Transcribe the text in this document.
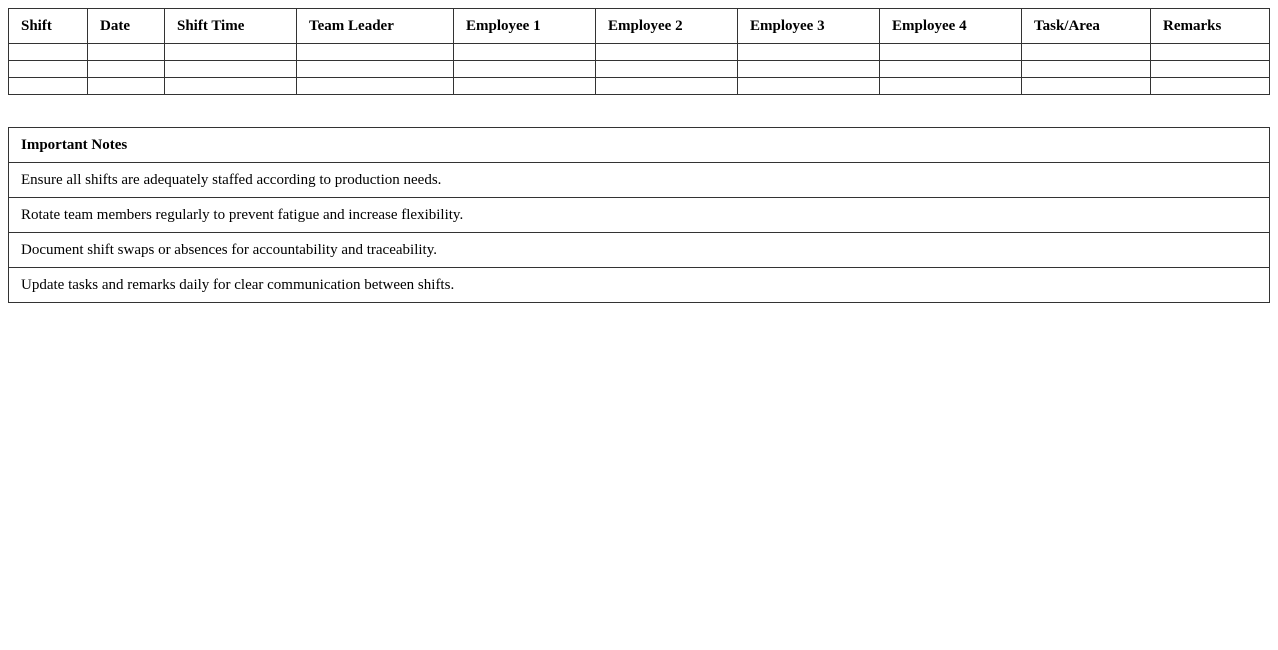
Shift	Date	Shift Time	Team Leader	Employee 1	Employee 2	Employee 3	Employee 4	Task/Area	Remarks

Important Notes
Ensure all shifts are adequately staffed according to production needs.
Rotate team members regularly to prevent fatigue and increase flexibility.
Document shift swaps or absences for accountability and traceability.
Update tasks and remarks daily for clear communication between shifts.
